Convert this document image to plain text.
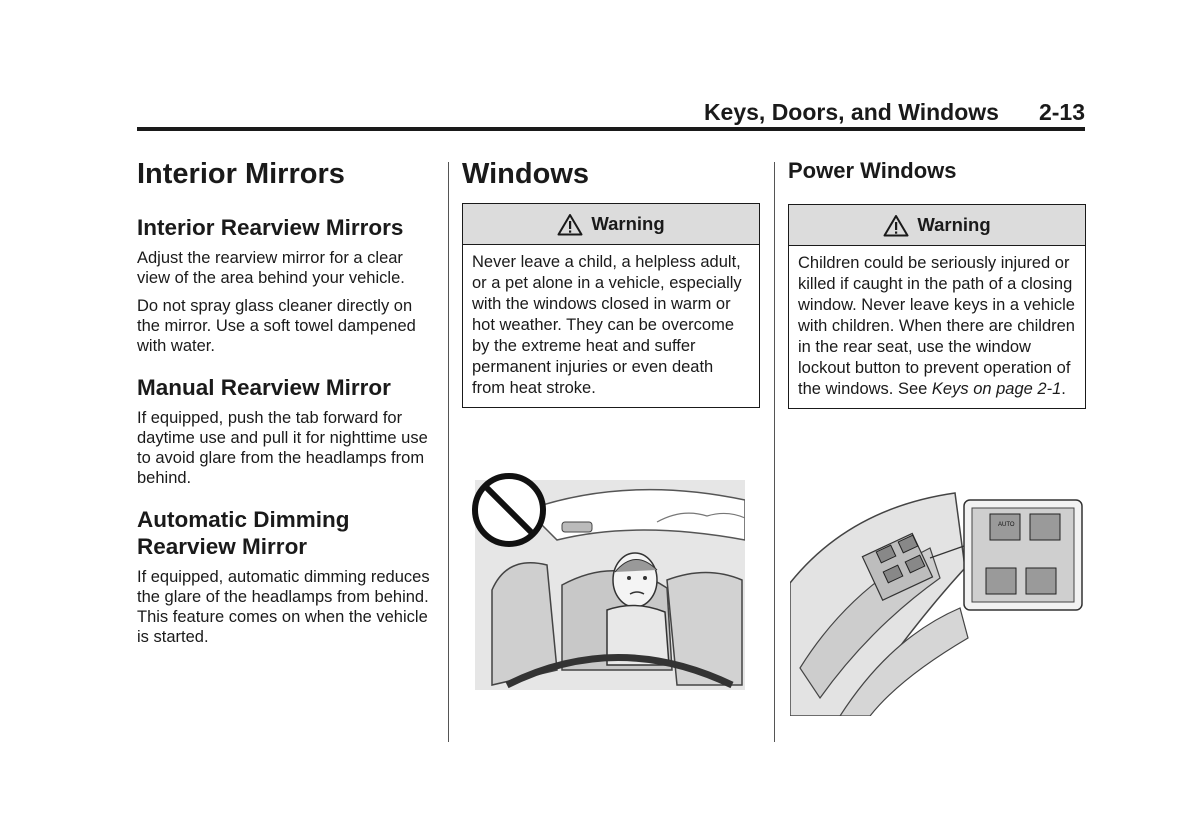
Keys, Doors, and Windows 2-13
Interior Mirrors
Interior Rearview Mirrors

Adjust the rearview mirror for a clear view of the area behind your vehicle.

Do not spray glass cleaner directly on the mirror. Use a soft towel dampened with water.

Manual Rearview Mirror

If equipped, push the tab forward for daytime use and pull it for nighttime use to avoid glare from the headlamps from behind.

Automatic Dimming Rearview Mirror

If equipped, automatic dimming reduces the glare of the headlamps from behind. This feature comes on when the vehicle is started.

Windows
Warning
Never leave a child, a helpless adult, or a pet alone in a vehicle, especially with the windows closed in warm or hot weather. They can be overcome by the extreme heat and suffer permanent injuries or even death from heat stroke.
Power Windows
Warning
Children could be seriously injured or killed if caught in the path of a closing window. Never leave keys in a vehicle with children. When there are children in the rear seat, use the window lockout button to prevent operation of the windows. See Keys on page 2-1.
AUTO
